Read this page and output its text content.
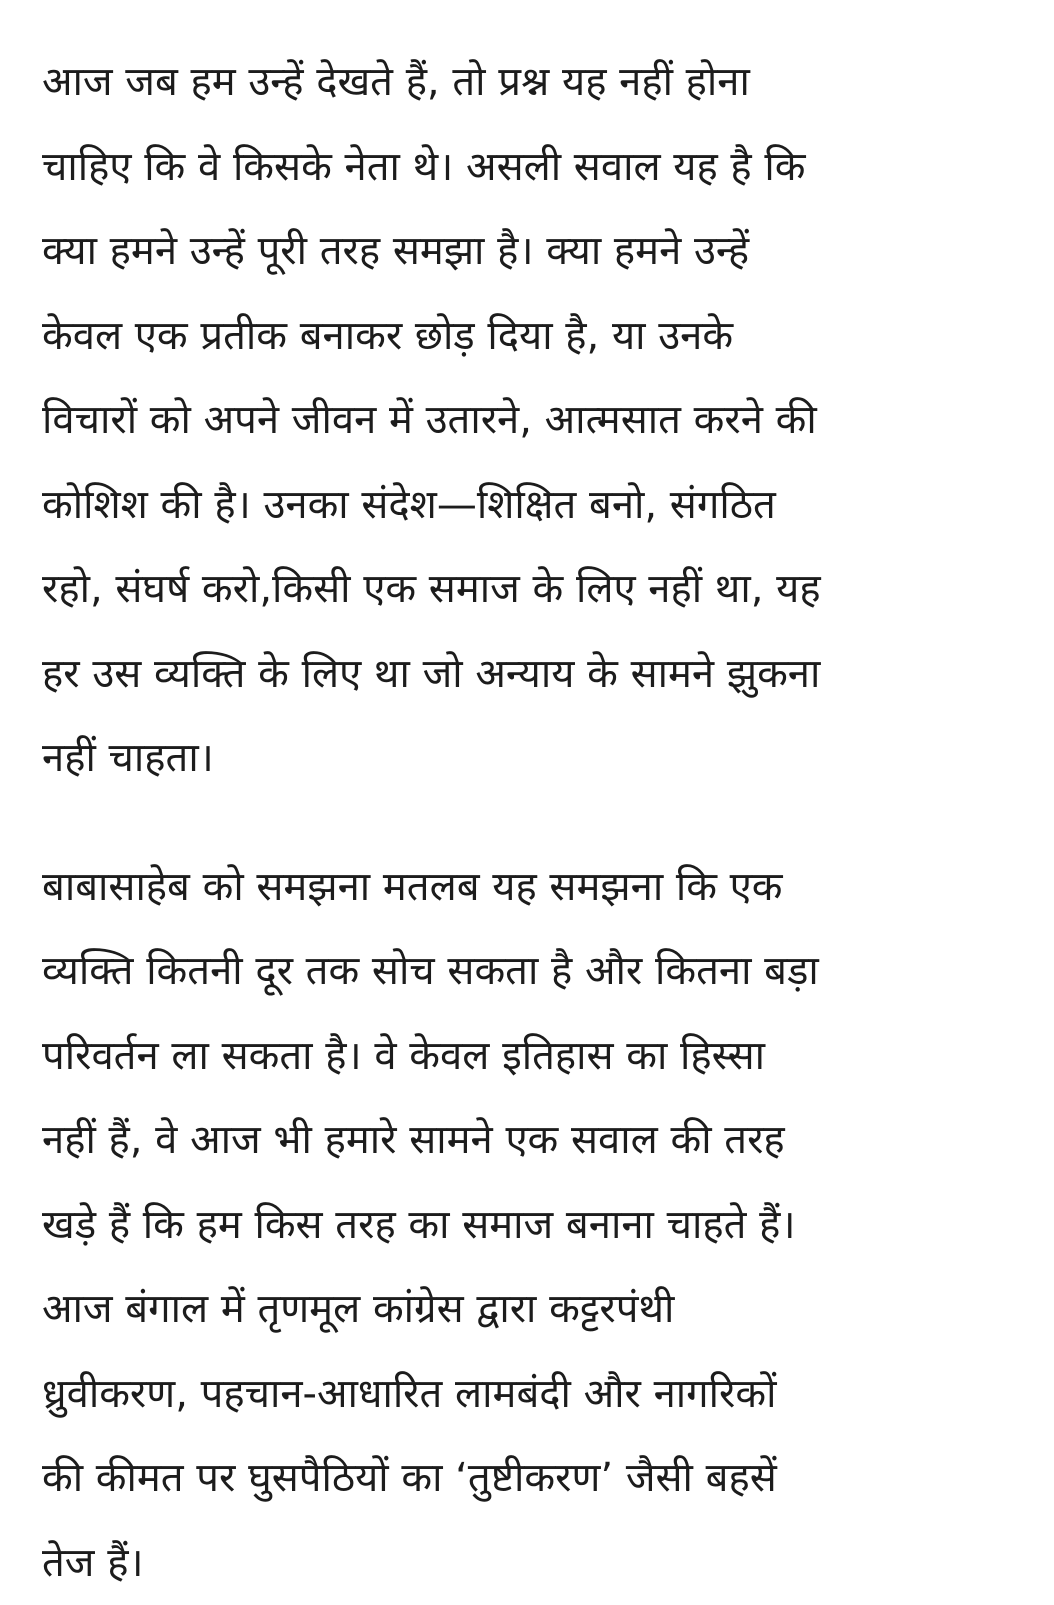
आज जब हम उन्हें देखते हैं, तो प्रश्न यह नहीं होना
चाहिए कि वे किसके नेता थे। असली सवाल यह है कि
क्या हमने उन्हें पूरी तरह समझा है। क्या हमने उन्हें
केवल एक प्रतीक बनाकर छोड़ दिया है, या उनके
विचारों को अपने जीवन में उतारने, आत्मसात करने की
कोशिश की है। उनका संदेश—शिक्षित बनो, संगठित
रहो, संघर्ष करो,किसी एक समाज के लिए नहीं था, यह
हर उस व्यक्ति के लिए था जो अन्याय के सामने झुकना
नहीं चाहता।

बाबासाहेब को समझना मतलब यह समझना कि एक
व्यक्ति कितनी दूर तक सोच सकता है और कितना बड़ा
परिवर्तन ला सकता है। वे केवल इतिहास का हिस्सा
नहीं हैं, वे आज भी हमारे सामने एक सवाल की तरह
खड़े हैं कि हम किस तरह का समाज बनाना चाहते हैं।
आज बंगाल में तृणमूल कांग्रेस द्वारा कट्टरपंथी
ध्रुवीकरण, पहचान-आधारित लामबंदी और नागरिकों
की कीमत पर घुसपैठियों का ‘तुष्टीकरण’ जैसी बहसें
तेज हैं।
